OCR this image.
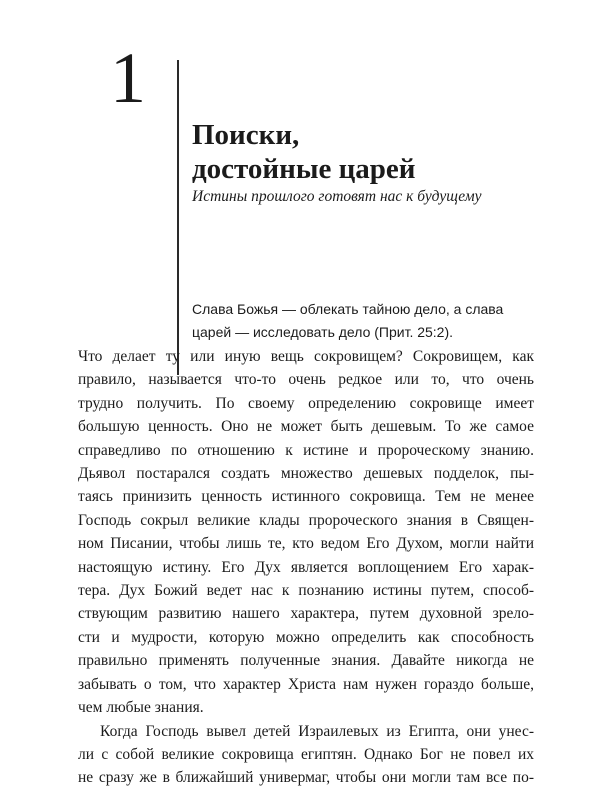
1
Поиски,
достойные царей
Истины прошлого готовят нас к будущему
Слава Божья — облекать тайною дело, а слава
царей — исследовать дело (Прит. 25:2).
Что делает ту или иную вещь сокровищем? Сокровищем, как
правило, называется что-то очень редкое или то, что очень
трудно получить. По своему определению сокровище имеет
большую ценность. Оно не может быть дешевым. То же самое
справедливо по отношению к истине и пророческому знанию.
Дьявол постарался создать множество дешевых подделок, пы-
таясь принизить ценность истинного сокровища. Тем не менее
Господь сокрыл великие клады пророческого знания в Священ-
ном Писании, чтобы лишь те, кто ведом Его Духом, могли найти
настоящую истину. Его Дух является воплощением Его харак-
тера. Дух Божий ведет нас к познанию истины путем, способ-
ствующим развитию нашего характера, путем духовной зрело-
сти и мудрости, которую можно определить как способность
правильно применять полученные знания. Давайте никогда не
забывать о том, что характер Христа нам нужен гораздо больше,
чем любые знания.
Когда Господь вывел детей Израилевых из Египта, они унес-
ли с собой великие сокровища египтян. Однако Бог не повел их
не сразу же в ближайший универмаг, чтобы они могли там все по-
